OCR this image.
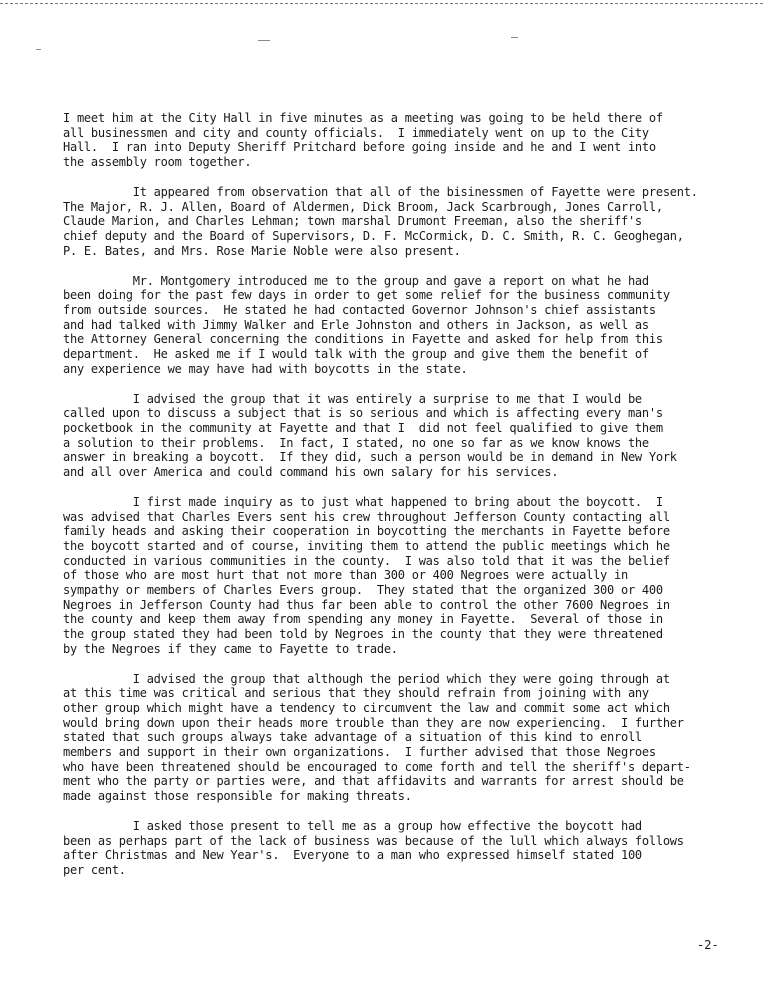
I meet him at the City Hall in five minutes as a meeting was going to be held there of
all businessmen and city and county officials.  I immediately went on up to the City
Hall.  I ran into Deputy Sheriff Pritchard before going inside and he and I went into
the assembly room together.
It appeared from observation that all of the bisinessmen of Fayette were present.
The Major, R. J. Allen, Board of Aldermen, Dick Broom, Jack Scarbrough, Jones Carroll,
Claude Marion, and Charles Lehman; town marshal Drumont Freeman, also the sheriff's
chief deputy and the Board of Supervisors, D. F. McCormick, D. C. Smith, R. C. Geoghegan,
P. E. Bates, and Mrs. Rose Marie Noble were also present.
Mr. Montgomery introduced me to the group and gave a report on what he had
been doing for the past few days in order to get some relief for the business community
from outside sources.  He stated he had contacted Governor Johnson's chief assistants
and had talked with Jimmy Walker and Erle Johnston and others in Jackson, as well as
the Attorney General concerning the conditions in Fayette and asked for help from this
department.  He asked me if I would talk with the group and give them the benefit of
any experience we may have had with boycotts in the state.
I advised the group that it was entirely a surprise to me that I would be
called upon to discuss a subject that is so serious and which is affecting every man's
pocketbook in the community at Fayette and that I  did not feel qualified to give them
a solution to their problems.  In fact, I stated, no one so far as we know knows the
answer in breaking a boycott.  If they did, such a person would be in demand in New York
and all over America and could command his own salary for his services.
I first made inquiry as to just what happened to bring about the boycott.  I
was advised that Charles Evers sent his crew throughout Jefferson County contacting all
family heads and asking their cooperation in boycotting the merchants in Fayette before
the boycott started and of course, inviting them to attend the public meetings which he
conducted in various communities in the county.  I was also told that it was the belief
of those who are most hurt that not more than 300 or 400 Negroes were actually in
sympathy or members of Charles Evers group.  They stated that the organized 300 or 400
Negroes in Jefferson County had thus far been able to control the other 7600 Negroes in
the county and keep them away from spending any money in Fayette.  Several of those in
the group stated they had been told by Negroes in the county that they were threatened
by the Negroes if they came to Fayette to trade.
I advised the group that although the period which they were going through at
at this time was critical and serious that they should refrain from joining with any
other group which might have a tendency to circumvent the law and commit some act which
would bring down upon their heads more trouble than they are now experiencing.  I further
stated that such groups always take advantage of a situation of this kind to enroll
members and support in their own organizations.  I further advised that those Negroes
who have been threatened should be encouraged to come forth and tell the sheriff's depart-
ment who the party or parties were, and that affidavits and warrants for arrest should be
made against those responsible for making threats.
I asked those present to tell me as a group how effective the boycott had
been as perhaps part of the lack of business was because of the lull which always follows
after Christmas and New Year's.  Everyone to a man who expressed himself stated 100
per cent.
-2-
